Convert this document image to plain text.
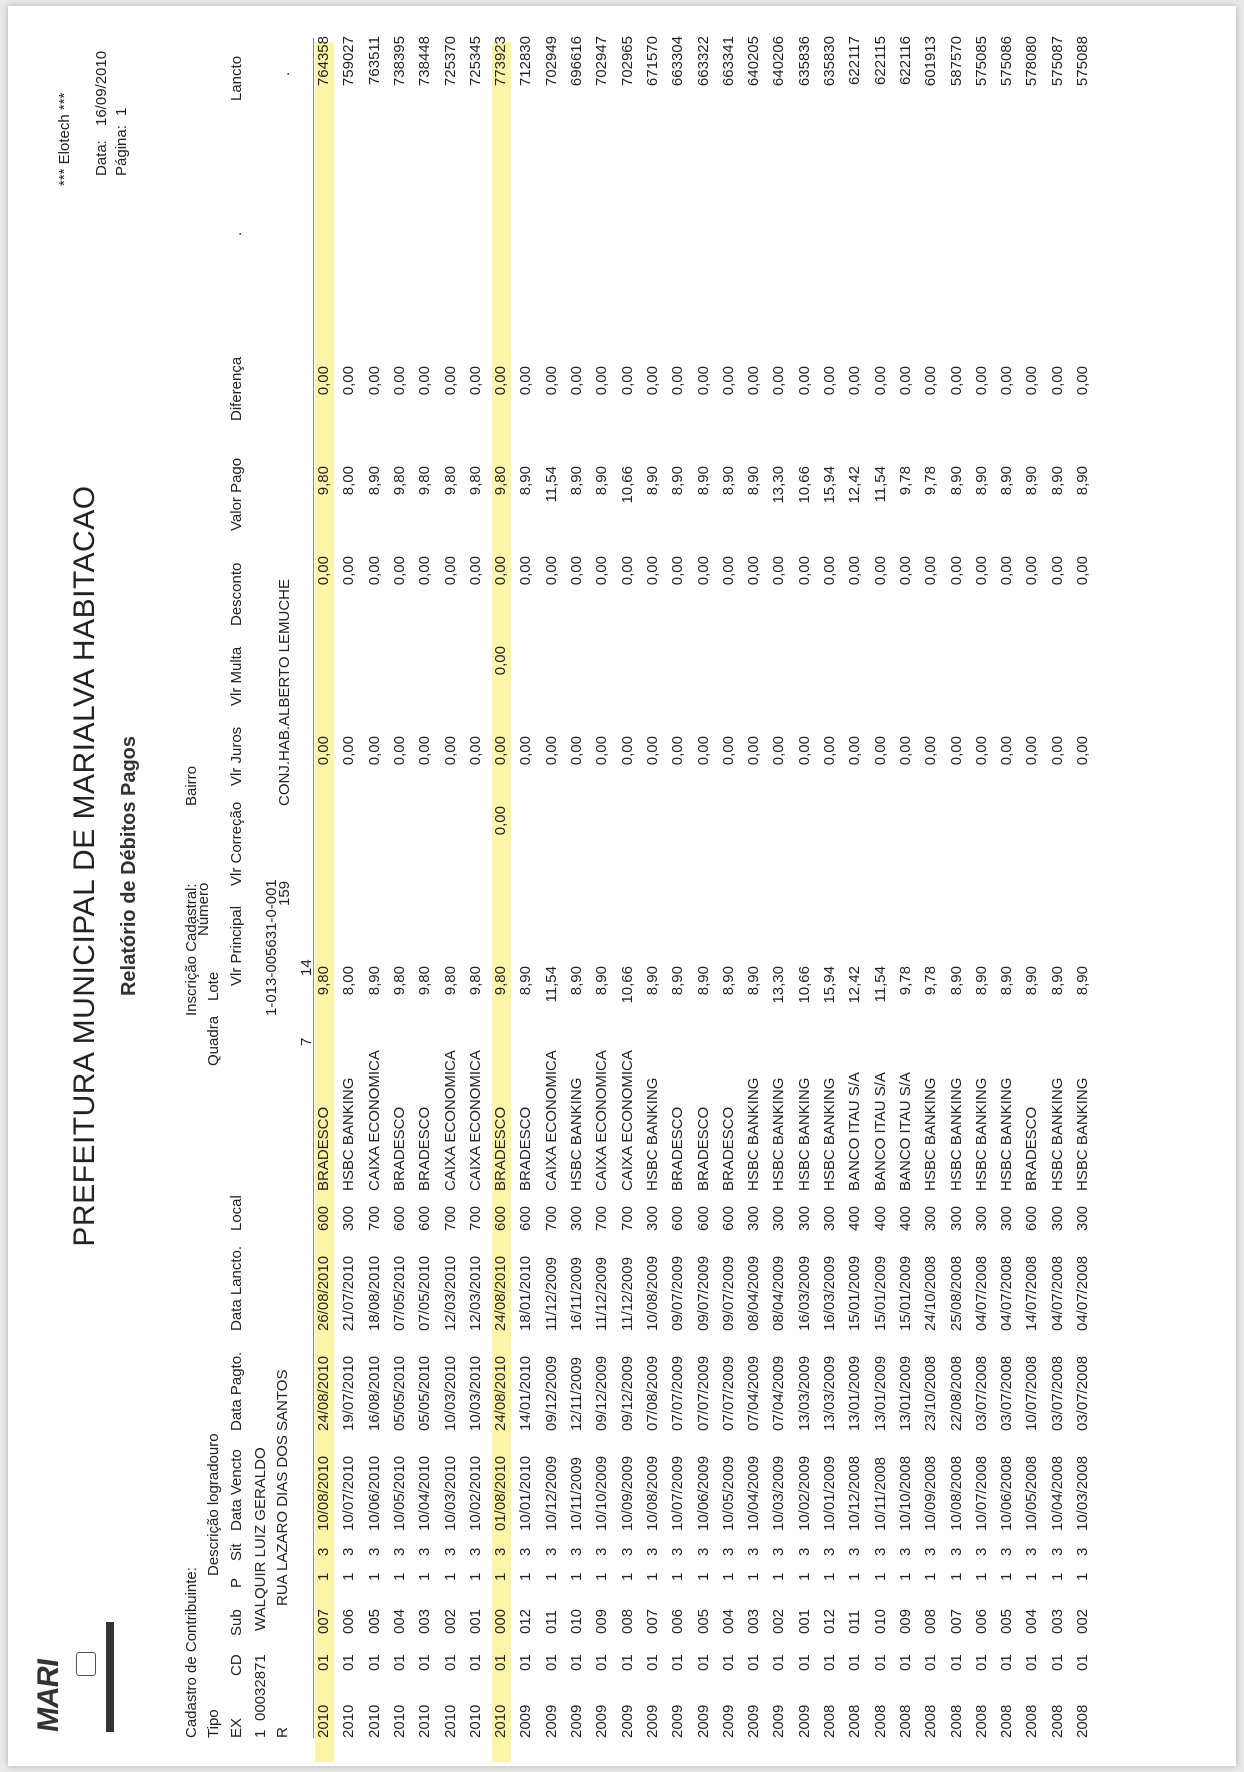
MARI
PREFEITURA MUNICIPAL DE MARIALVA HABITACAO Relatório de Débitos Pagos
*** Elotech *** Data:
16/09/2010
Página:
1
Cadastro de Contribuinte: Tipo
Descrição logradouro
Inscrição Cadastral:
Quadra
Lote
Número
Bairro
EX
CD
Sub
P
Sit
Data Vencto
Data Pagto.
Data Lancto.
Local
Vlr Principal
Vlr Correção
Vlr Juros
Vlr Multa
Desconto
Valor Pago
Diferença
.
Lancto
1
00032871
WALQUIR LUIZ GERALDO
R
RUA LAZARO DIAS DOS SANTOS
7
1-013-005631-0-001 14
159
CONJ.HAB.ALBERTO LEMUCHE
.
2010
01
007
1
3
10/08/2010
24/08/2010
26/08/2010
600
BRADESCO
9,80
0,00
0,00
9,80
0,00
764358
2010
01
006
1
3
10/07/2010
19/07/2010
21/07/2010
300
HSBC BANKING
8,00
0,00
0,00
8,00
0,00
759027
2010
01
005
1
3
10/06/2010
16/08/2010
18/08/2010
700
CAIXA ECONOMICA
8,90
0,00
0,00
8,90
0,00
763511
2010
01
004
1
3
10/05/2010
05/05/2010
07/05/2010
600
BRADESCO
9,80
0,00
0,00
9,80
0,00
738395
2010
01
003
1
3
10/04/2010
05/05/2010
07/05/2010
600
BRADESCO
9,80
0,00
0,00
9,80
0,00
738448
2010
01
002
1
3
10/03/2010
10/03/2010
12/03/2010
700
CAIXA ECONOMICA
9,80
0,00
0,00
9,80
0,00
725370
2010
01
001
1
3
10/02/2010
10/03/2010
12/03/2010
700
CAIXA ECONOMICA
9,80
0,00
0,00
9,80
0,00
725345
2010
01
000
1
3
01/08/2010
24/08/2010
24/08/2010
600
BRADESCO
9,80
0,00
0,00
0,00
0,00
9,80
0,00
773923
2009
01
012
1
3
10/01/2010
14/01/2010
18/01/2010
600
BRADESCO
8,90
0,00
0,00
8,90
0,00
712830
2009
01
011
1
3
10/12/2009
09/12/2009
11/12/2009
700
CAIXA ECONOMICA
11,54
0,00
0,00
11,54
0,00
702949
2009
01
010
1
3
10/11/2009
12/11/2009
16/11/2009
300
HSBC BANKING
8,90
0,00
0,00
8,90
0,00
696616
2009
01
009
1
3
10/10/2009
09/12/2009
11/12/2009
700
CAIXA ECONOMICA
8,90
0,00
0,00
8,90
0,00
702947
2009
01
008
1
3
10/09/2009
09/12/2009
11/12/2009
700
CAIXA ECONOMICA
10,66
0,00
0,00
10,66
0,00
702965
2009
01
007
1
3
10/08/2009
07/08/2009
10/08/2009
300
HSBC BANKING
8,90
0,00
0,00
8,90
0,00
671570
2009
01
006
1
3
10/07/2009
07/07/2009
09/07/2009
600
BRADESCO
8,90
0,00
0,00
8,90
0,00
663304
2009
01
005
1
3
10/06/2009
07/07/2009
09/07/2009
600
BRADESCO
8,90
0,00
0,00
8,90
0,00
663322
2009
01
004
1
3
10/05/2009
07/07/2009
09/07/2009
600
BRADESCO
8,90
0,00
0,00
8,90
0,00
663341
2009
01
003
1
3
10/04/2009
07/04/2009
08/04/2009
300
HSBC BANKING
8,90
0,00
0,00
8,90
0,00
640205
2009
01
002
1
3
10/03/2009
07/04/2009
08/04/2009
300
HSBC BANKING
13,30
0,00
0,00
13,30
0,00
640206
2009
01
001
1
3
10/02/2009
13/03/2009
16/03/2009
300
HSBC BANKING
10,66
0,00
0,00
10,66
0,00
635836
2008
01
012
1
3
10/01/2009
13/03/2009
16/03/2009
300
HSBC BANKING
15,94
0,00
0,00
15,94
0,00
635830
2008
01
011
1
3
10/12/2008
13/01/2009
15/01/2009
400
BANCO ITAU S/A
12,42
0,00
0,00
12,42
0,00
622117
2008
01
010
1
3
10/11/2008
13/01/2009
15/01/2009
400
BANCO ITAU S/A
11,54
0,00
0,00
11,54
0,00
622115
2008
01
009
1
3
10/10/2008
13/01/2009
15/01/2009
400
BANCO ITAU S/A
9,78
0,00
0,00
9,78
0,00
622116
2008
01
008
1
3
10/09/2008
23/10/2008
24/10/2008
300
HSBC BANKING
9,78
0,00
0,00
9,78
0,00
601913
2008
01
007
1
3
10/08/2008
22/08/2008
25/08/2008
300
HSBC BANKING
8,90
0,00
0,00
8,90
0,00
587570
2008
01
006
1
3
10/07/2008
03/07/2008
04/07/2008
300
HSBC BANKING
8,90
0,00
0,00
8,90
0,00
575085
2008
01
005
1
3
10/06/2008
03/07/2008
04/07/2008
300
HSBC BANKING
8,90
0,00
0,00
8,90
0,00
575086
2008
01
004
1
3
10/05/2008
10/07/2008
14/07/2008
600
BRADESCO
8,90
0,00
0,00
8,90
0,00
578080
2008
01
003
1
3
10/04/2008
03/07/2008
04/07/2008
300
HSBC BANKING
8,90
0,00
0,00
8,90
0,00
575087
2008
01
002
1
3
10/03/2008
03/07/2008
04/07/2008
300
HSBC BANKING
8,90
0,00
0,00
8,90
0,00
575088
